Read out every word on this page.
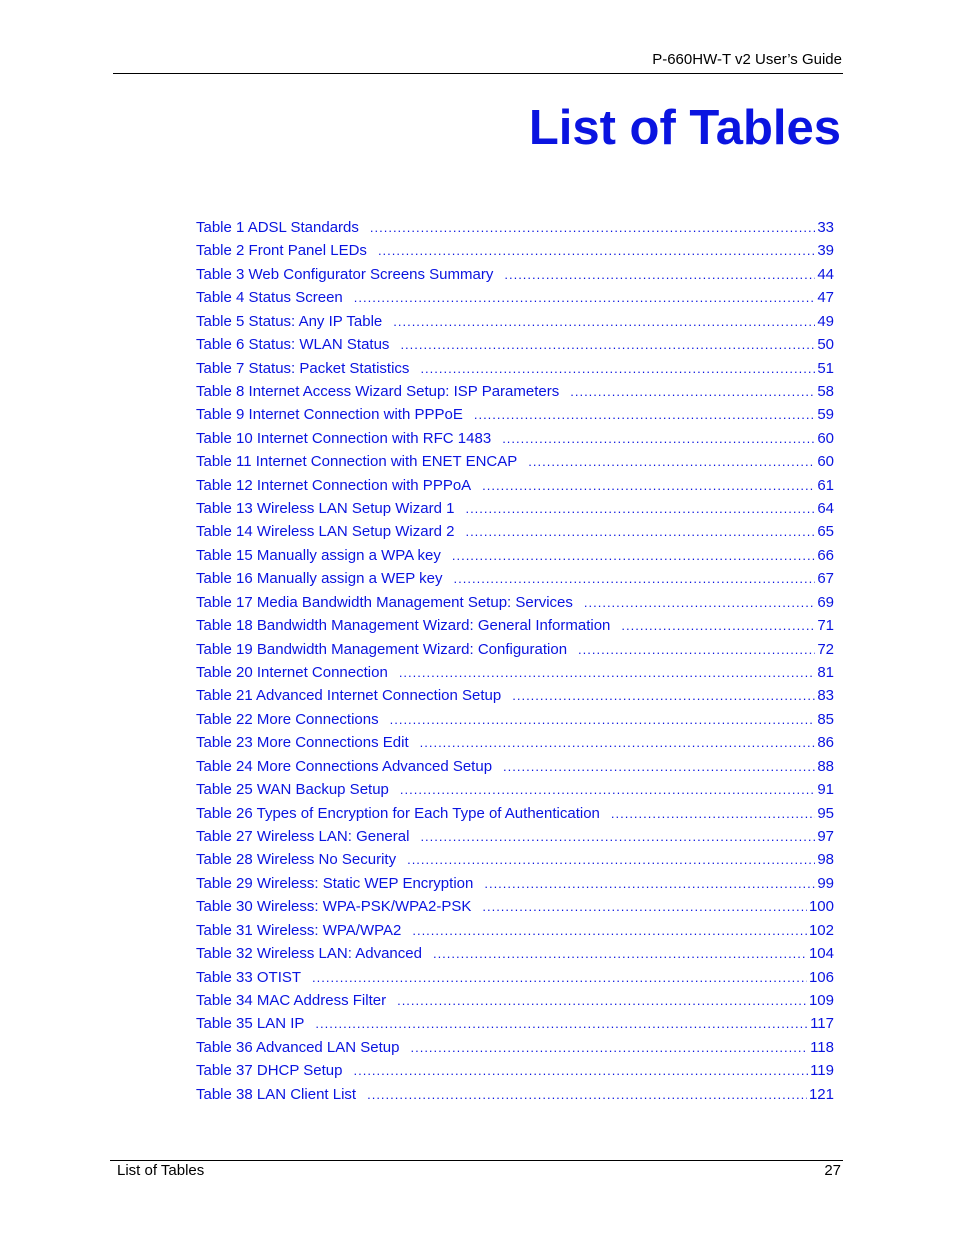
P-660HW-T v2 User’s Guide
List of Tables
Table 1 ADSL Standards .....	33
Table 2 Front Panel LEDs .....	39
Table 3 Web Configurator Screens Summary .....	44
Table 4 Status Screen .....	47
Table 5 Status: Any IP Table .....	49
Table 6 Status: WLAN Status .....	50
Table 7 Status: Packet Statistics .....	51
Table 8 Internet Access Wizard Setup: ISP Parameters .....	58
Table 9 Internet Connection with PPPoE .....	59
Table 10 Internet Connection with RFC 1483 .....	60
Table 11 Internet Connection with ENET ENCAP .....	60
Table 12 Internet Connection with PPPoA .....	61
Table 13 Wireless LAN Setup Wizard 1 .....	64
Table 14 Wireless LAN Setup Wizard 2 .....	65
Table 15 Manually assign a WPA key .....	66
Table 16 Manually assign a WEP key .....	67
Table 17 Media Bandwidth Management Setup: Services .....	69
Table 18 Bandwidth Management Wizard: General Information .....	71
Table 19 Bandwidth Management Wizard: Configuration .....	72
Table 20 Internet Connection .....	81
Table 21 Advanced Internet Connection Setup .....	83
Table 22 More Connections .....	85
Table 23 More Connections Edit .....	86
Table 24 More Connections Advanced Setup .....	88
Table 25 WAN Backup Setup .....	91
Table 26 Types of Encryption for Each Type of Authentication .....	95
Table 27 Wireless LAN: General .....	97
Table 28 Wireless No Security .....	98
Table 29 Wireless: Static WEP Encryption .....	99
Table 30 Wireless: WPA-PSK/WPA2-PSK .....	100
Table 31 Wireless: WPA/WPA2 .....	102
Table 32 Wireless LAN: Advanced .....	104
Table 33 OTIST .....	106
Table 34 MAC Address Filter .....	109
Table 35 LAN IP .....	117
Table 36 Advanced LAN Setup .....	118
Table 37 DHCP Setup .....	119
Table 38 LAN Client List .....	121
List of Tables	27
